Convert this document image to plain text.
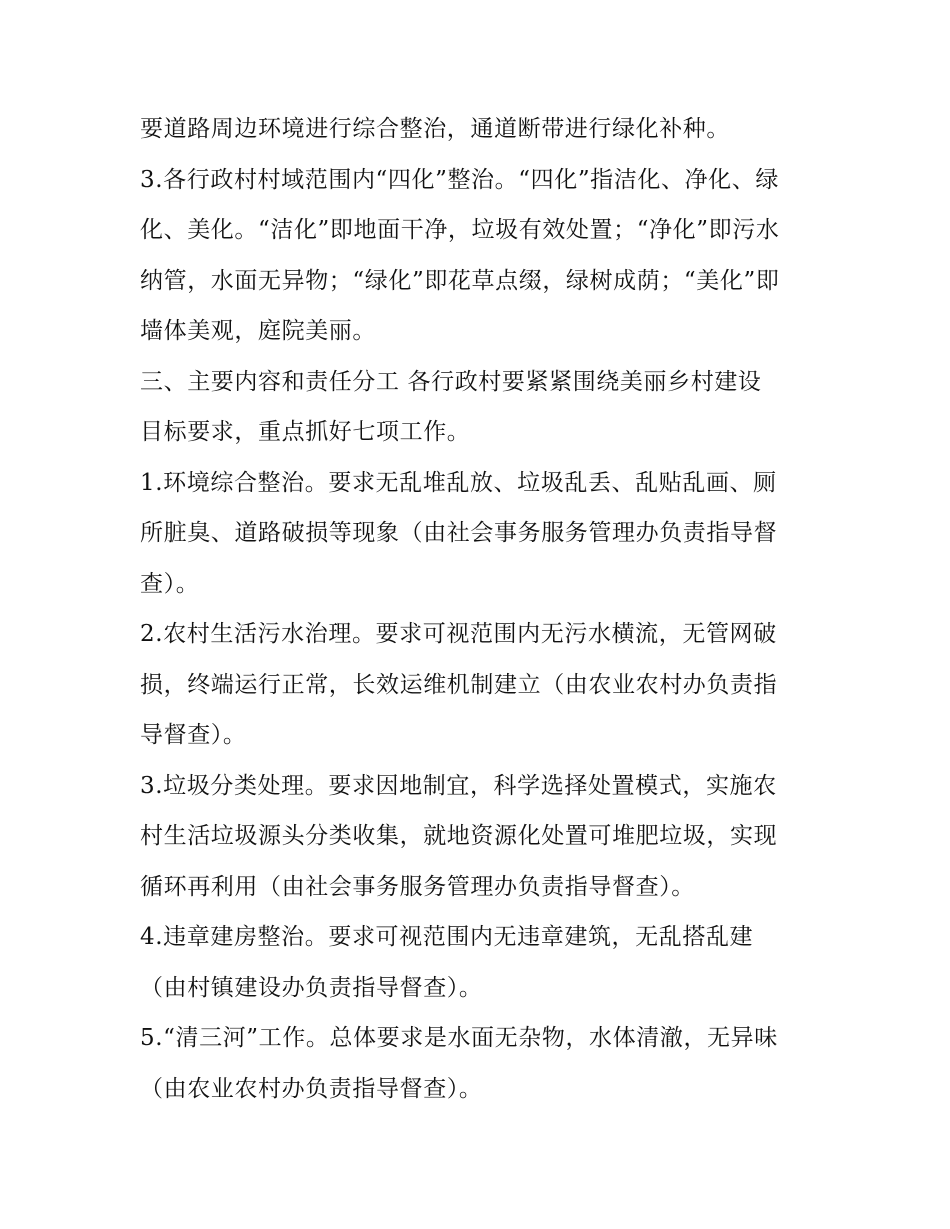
要道路周边环境进行综合整治，通道断带进行绿化补种。
3.各行政村村域范围内“四化”整治。“四化”指洁化、净化、绿
化、美化。“洁化”即地面干净，垃圾有效处置；“净化”即污水
纳管，水面无异物；“绿化”即花草点缀，绿树成荫；“美化”即
墙体美观，庭院美丽。
三、主要内容和责任分工 各行政村要紧紧围绕美丽乡村建设
目标要求，重点抓好七项工作。
1.环境综合整治。要求无乱堆乱放、垃圾乱丢、乱贴乱画、厕
所脏臭、道路破损等现象（由社会事务服务管理办负责指导督
查）。
2.农村生活污水治理。要求可视范围内无污水横流，无管网破
损，终端运行正常，长效运维机制建立（由农业农村办负责指
导督查）。
3.垃圾分类处理。要求因地制宜，科学选择处置模式，实施农
村生活垃圾源头分类收集，就地资源化处置可堆肥垃圾，实现
循环再利用（由社会事务服务管理办负责指导督查）。
4.违章建房整治。要求可视范围内无违章建筑，无乱搭乱建
（由村镇建设办负责指导督查）。
5.“清三河”工作。总体要求是水面无杂物，水体清澈，无异味
（由农业农村办负责指导督查）。
